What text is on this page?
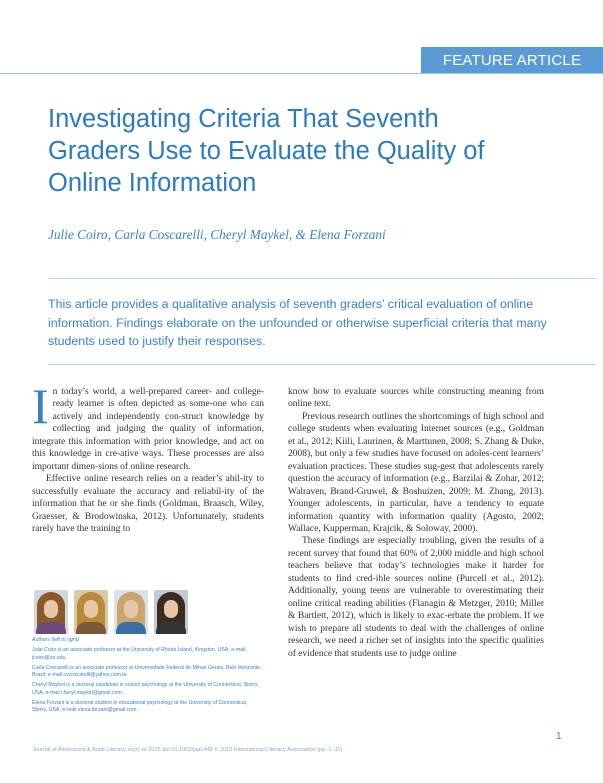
FEATURE ARTICLE
Investigating Criteria That Seventh Graders Use to Evaluate the Quality of Online Information
Julie Coiro, Carla Coscarelli, Cheryl Maykel, & Elena Forzani

This article provides a qualitative analysis of seventh graders’ critical evaluation of online information. Findings elaborate on the unfounded or otherwise superficial criteria that many students used to justify their responses.

In today’s world, a well-prepared career- and college-ready learner is often depicted as some-one who can actively and independently con-struct knowledge by collecting and judging the quality of information, integrate this information with prior knowledge, and act on this knowledge in cre-ative ways. These processes are also important dimen-sions of online research.

Effective online research relies on a reader’s abil-ity to successfully evaluate the accuracy and reliabil-ity of the information that he or she finds (Goldman, Braasch, Wiley, Graesser, & Brodowinska, 2012). Unfortunately, students rarely have the training to

know how to evaluate sources while constructing meaning from online text.

Previous research outlines the shortcomings of high school and college students when evaluating Internet sources (e.g., Goldman et al., 2012; Kiili, Laurinen, & Marttunen, 2008; S. Zhang & Duke, 2008), but only a few studies have focused on adoles-cent learners’ evaluation practices. These studies sug-gest that adolescents rarely question the accuracy of information (e.g., Barzilai & Zohar, 2012; Walraven, Brand-Gruwel, & Boshuizen, 2009; M. Zhang, 2013). Younger adolescents, in particular, have a tendency to equate information quantity with information quality (Agosto, 2002; Wallace, Kupperman, Krajcik, & Soloway, 2000).

These findings are especially troubling, given the results of a recent survey that found that 60% of 2,000 middle and high school teachers believe that today’s technologies make it harder for students to find cred-ible sources online (Purcell et al., 2012). Additionally, young teens are vulnerable to overestimating their online critical reading abilities (Flanagin & Metzger, 2010; Miller & Bartlett, 2012), which is likely to exac-erbate the problem. If we wish to prepare all students to deal with the challenges of online research, we need a richer set of insights into the specific qualities of evidence that students use to judge online

Authors (left to right)

Julie Coiro is an associate professor at the University of Rhode Island, Kingston, USA; e-mail jcoiro@uri.edu.

Carla Coscarelli is an associate professor at Universidade Federal de Minas Gerais, Belo Horizonte, Brazil; e-mail cvcoscarelli@yahoo.com.br.

Cheryl Maykel is a doctoral candidate in school psychology at the University of Connecticut, Storrs, USA; e-mail cheryl.maykel@gmail.com.

Elena Forzani is a doctoral student in educational psychology at the University of Connecticut, Storrs, USA; e-mail elena.forzani@gmail.com.

1
Journal of Adolescent & Adult Literacy xx(x) xx 2015 doi:10.1002/jaal.448 © 2015 International Literacy Association (pp. 1–11)
